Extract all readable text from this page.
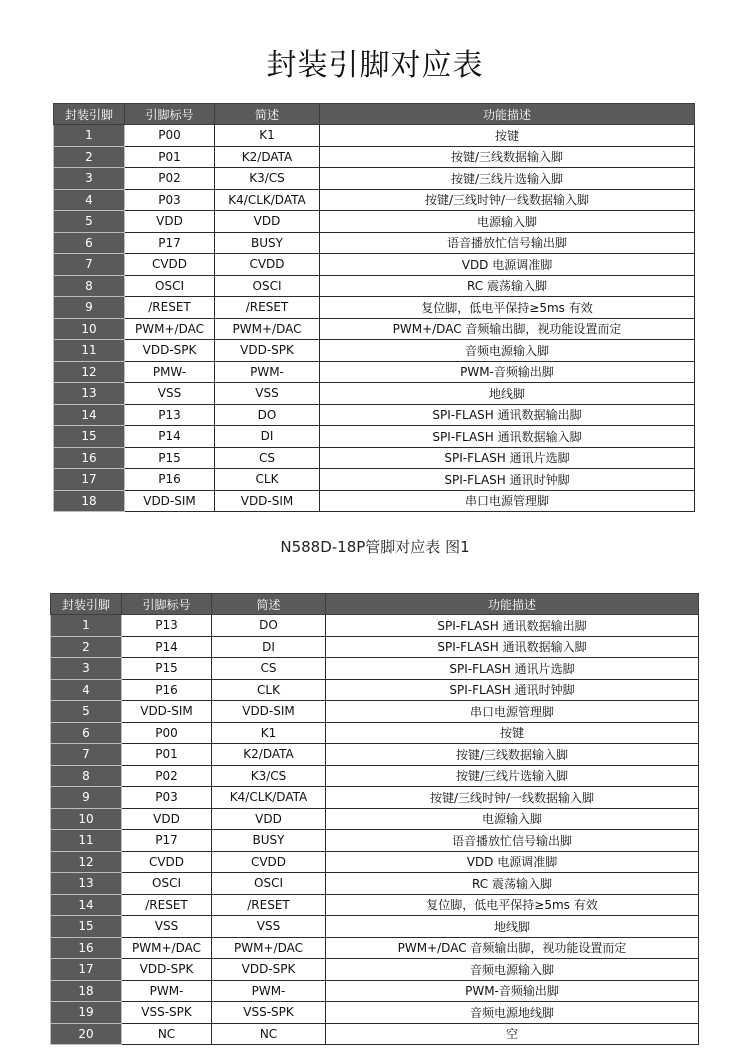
封装引脚对应表
封装引脚	引脚标号	简述	功能描述
1	P00	K1	按键
2	P01	K2/DATA	按键/三线数据输入脚
3	P02	K3/CS	按键/三线片选输入脚
4	P03	K4/CLK/DATA	按键/三线时钟/一线数据输入脚
5	VDD	VDD	电源输入脚
6	P17	BUSY	语音播放忙信号输出脚
7	CVDD	CVDD	VDD 电源调准脚
8	OSCI	OSCI	RC 震荡输入脚
9	/RESET	/RESET	复位脚，低电平保持≥5ms 有效
10	PWM+/DAC	PWM+/DAC	PWM+/DAC 音频输出脚，视功能设置而定
11	VDD-SPK	VDD-SPK	音频电源输入脚
12	PMW-	PWM-	PWM-音频输出脚
13	VSS	VSS	地线脚
14	P13	DO	SPI-FLASH 通讯数据输出脚
15	P14	DI	SPI-FLASH 通讯数据输入脚
16	P15	CS	SPI-FLASH 通讯片选脚
17	P16	CLK	SPI-FLASH 通讯时钟脚
18	VDD-SIM	VDD-SIM	串口电源管理脚
N588D-18P管脚对应表 图1
封装引脚	引脚标号	简述	功能描述
1	P13	DO	SPI-FLASH 通讯数据输出脚
2	P14	DI	SPI-FLASH 通讯数据输入脚
3	P15	CS	SPI-FLASH 通讯片选脚
4	P16	CLK	SPI-FLASH 通讯时钟脚
5	VDD-SIM	VDD-SIM	串口电源管理脚
6	P00	K1	按键
7	P01	K2/DATA	按键/三线数据输入脚
8	P02	K3/CS	按键/三线片选输入脚
9	P03	K4/CLK/DATA	按键/三线时钟/一线数据输入脚
10	VDD	VDD	电源输入脚
11	P17	BUSY	语音播放忙信号输出脚
12	CVDD	CVDD	VDD 电源调准脚
13	OSCI	OSCI	RC 震荡输入脚
14	/RESET	/RESET	复位脚，低电平保持≥5ms 有效
15	VSS	VSS	地线脚
16	PWM+/DAC	PWM+/DAC	PWM+/DAC 音频输出脚，视功能设置而定
17	VDD-SPK	VDD-SPK	音频电源输入脚
18	PWM-	PWM-	PWM-音频输出脚
19	VSS-SPK	VSS-SPK	音频电源地线脚
20	NC	NC	空
